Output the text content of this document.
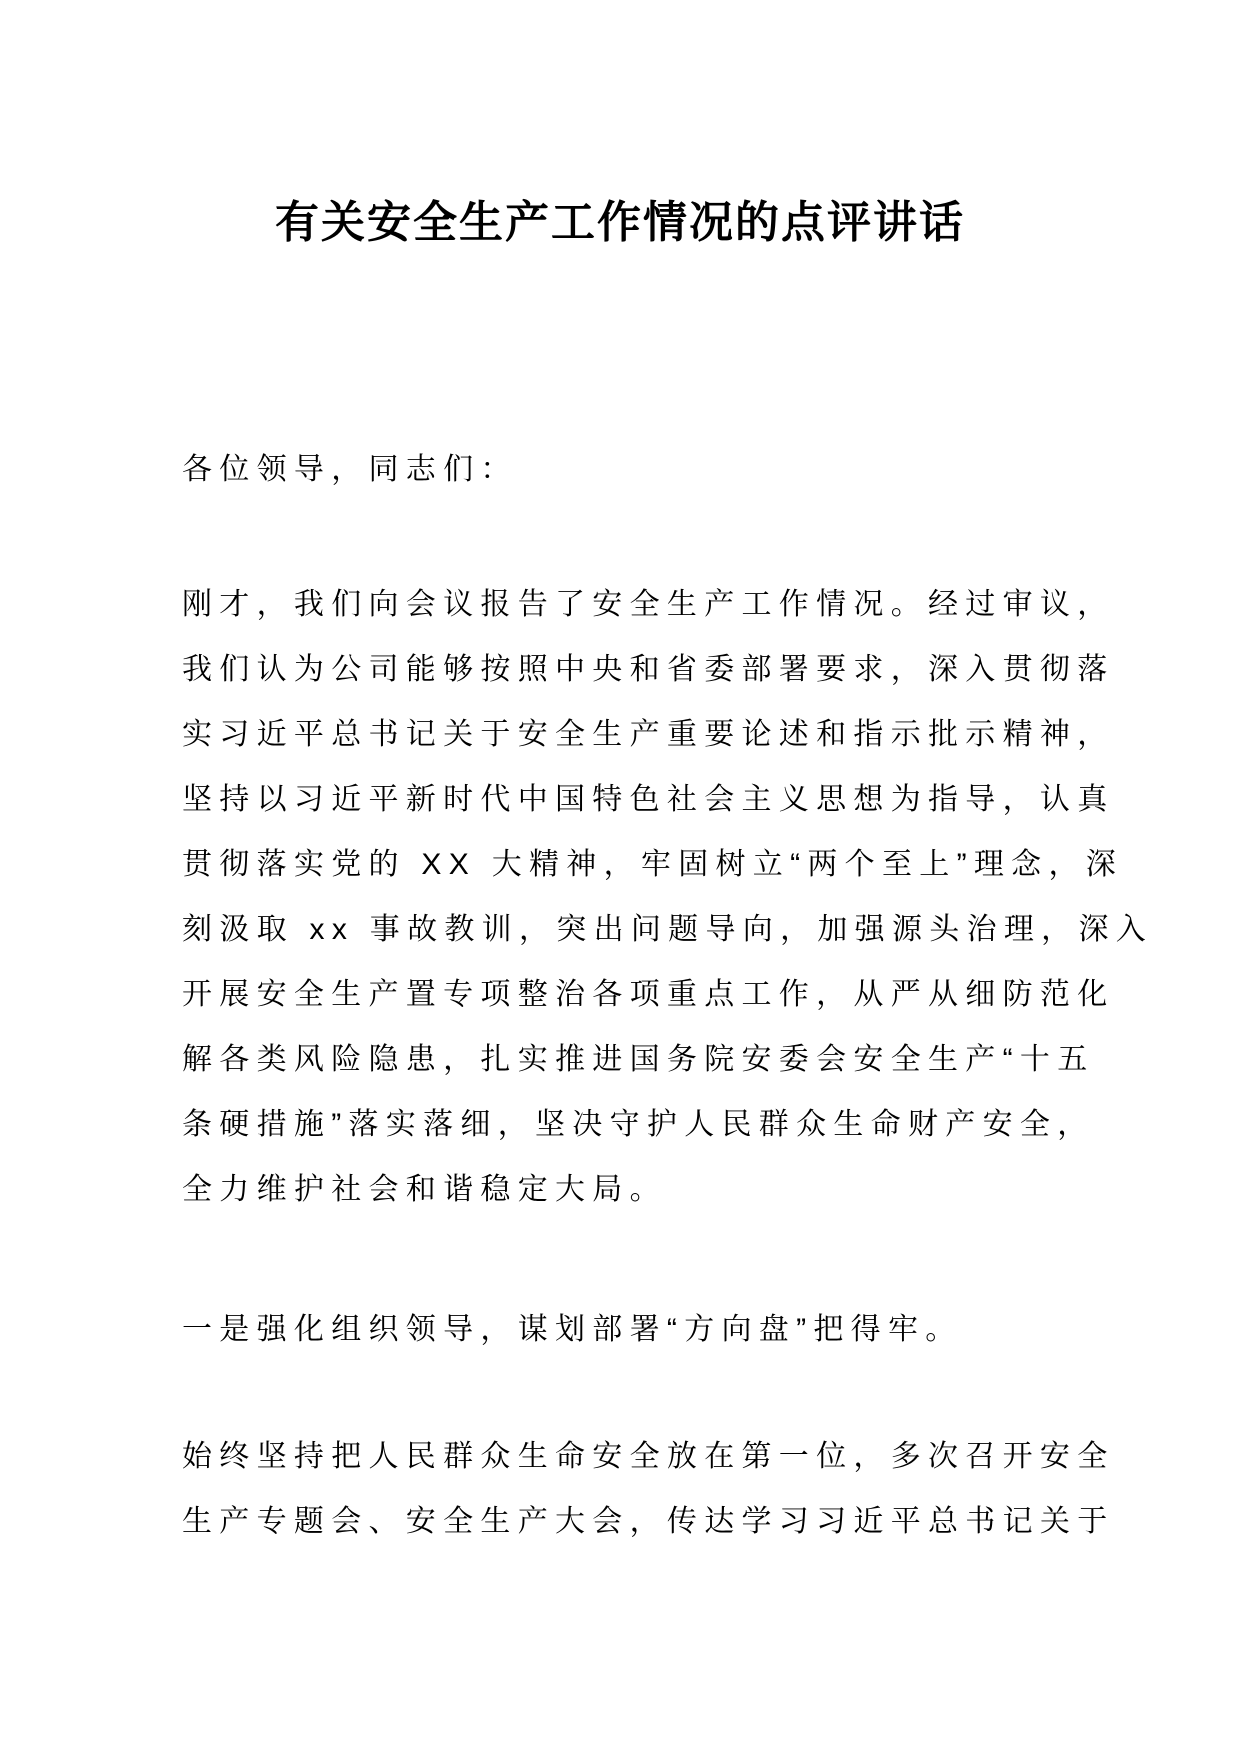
有关安全生产工作情况的点评讲话
各位领导，同志们：
刚才，我们向会议报告了安全生产工作情况。经过审议，
我们认为公司能够按照中央和省委部署要求，深入贯彻落
实习近平总书记关于安全生产重要论述和指示批示精神，
坚持以习近平新时代中国特色社会主义思想为指导，认真
贯彻落实党的 XX 大精神，牢固树立“两个至上”理念，深
刻汲取 xx 事故教训，突出问题导向，加强源头治理，深入
开展安全生产置专项整治各项重点工作，从严从细防范化
解各类风险隐患，扎实推进国务院安委会安全生产“十五
条硬措施”落实落细，坚决守护人民群众生命财产安全，
全力维护社会和谐稳定大局。
一是强化组织领导，谋划部署“方向盘”把得牢。
始终坚持把人民群众生命安全放在第一位，多次召开安全
生产专题会、安全生产大会，传达学习习近平总书记关于
